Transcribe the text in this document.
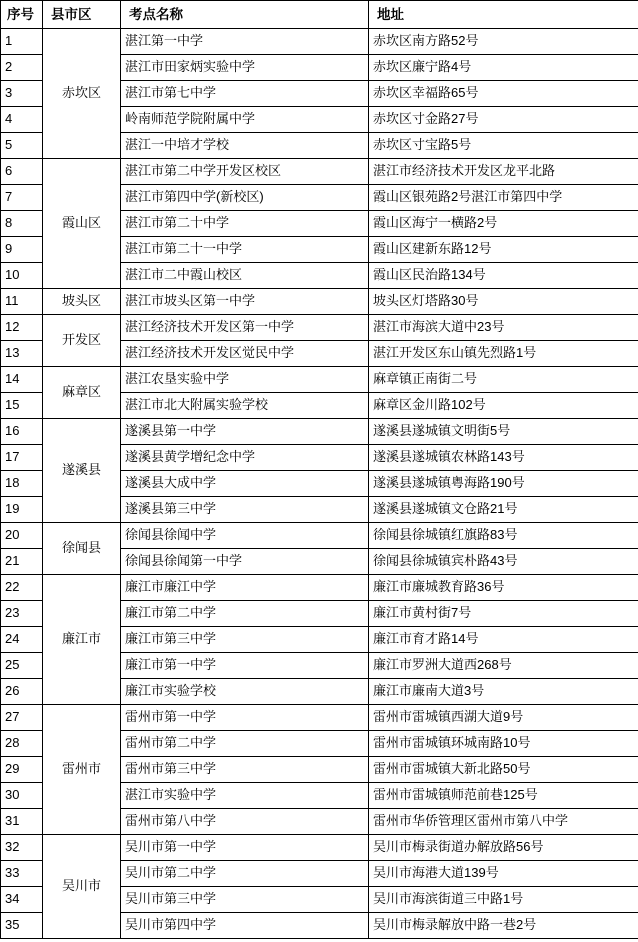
序号	县市区	考点名称	地址
1	赤坎区	湛江第一中学	赤坎区南方路52号
2		湛江市田家炳实验中学	赤坎区廉宁路4号
3		湛江市第七中学	赤坎区幸福路65号
4		岭南师范学院附属中学	赤坎区寸金路27号
5		湛江一中培才学校	赤坎区寸宝路5号
6	霞山区	湛江市第二中学开发区校区	湛江市经济技术开发区龙平北路
7		湛江市第四中学(新校区)	霞山区银苑路2号湛江市第四中学
8		湛江市第二十中学	霞山区海宁一横路2号
9		湛江市第二十一中学	霞山区建新东路12号
10		湛江市二中霞山校区	霞山区民治路134号
11	坡头区	湛江市坡头区第一中学	坡头区灯塔路30号
12	开发区	湛江经济技术开发区第一中学	湛江市海滨大道中23号
13		湛江经济技术开发区觉民中学	湛江开发区东山镇先烈路1号
14	麻章区	湛江农垦实验中学	麻章镇正南街二号
15		湛江市北大附属实验学校	麻章区金川路102号
16	遂溪县	遂溪县第一中学	遂溪县遂城镇文明街5号
17		遂溪县黄学增纪念中学	遂溪县遂城镇农林路143号
18		遂溪县大成中学	遂溪县遂城镇粤海路190号
19		遂溪县第三中学	遂溪县遂城镇文仓路21号
20	徐闻县	徐闻县徐闻中学	徐闻县徐城镇红旗路83号
21		徐闻县徐闻第一中学	徐闻县徐城镇宾朴路43号
22	廉江市	廉江市廉江中学	廉江市廉城教育路36号
23		廉江市第二中学	廉江市黄村街7号
24		廉江市第三中学	廉江市育才路14号
25		廉江市第一中学	廉江市罗洲大道西268号
26		廉江市实验学校	廉江市廉南大道3号
27	雷州市	雷州市第一中学	雷州市雷城镇西湖大道9号
28		雷州市第二中学	雷州市雷城镇环城南路10号
29		雷州市第三中学	雷州市雷城镇大新北路50号
30		湛江市实验中学	雷州市雷城镇师范前巷125号
31		雷州市第八中学	雷州市华侨管理区雷州市第八中学
32	吴川市	吴川市第一中学	吴川市梅录街道办解放路56号
33		吴川市第二中学	吴川市海港大道139号
34		吴川市第三中学	吴川市海滨街道三中路1号
35		吴川市第四中学	吴川市梅录解放中路一巷2号
